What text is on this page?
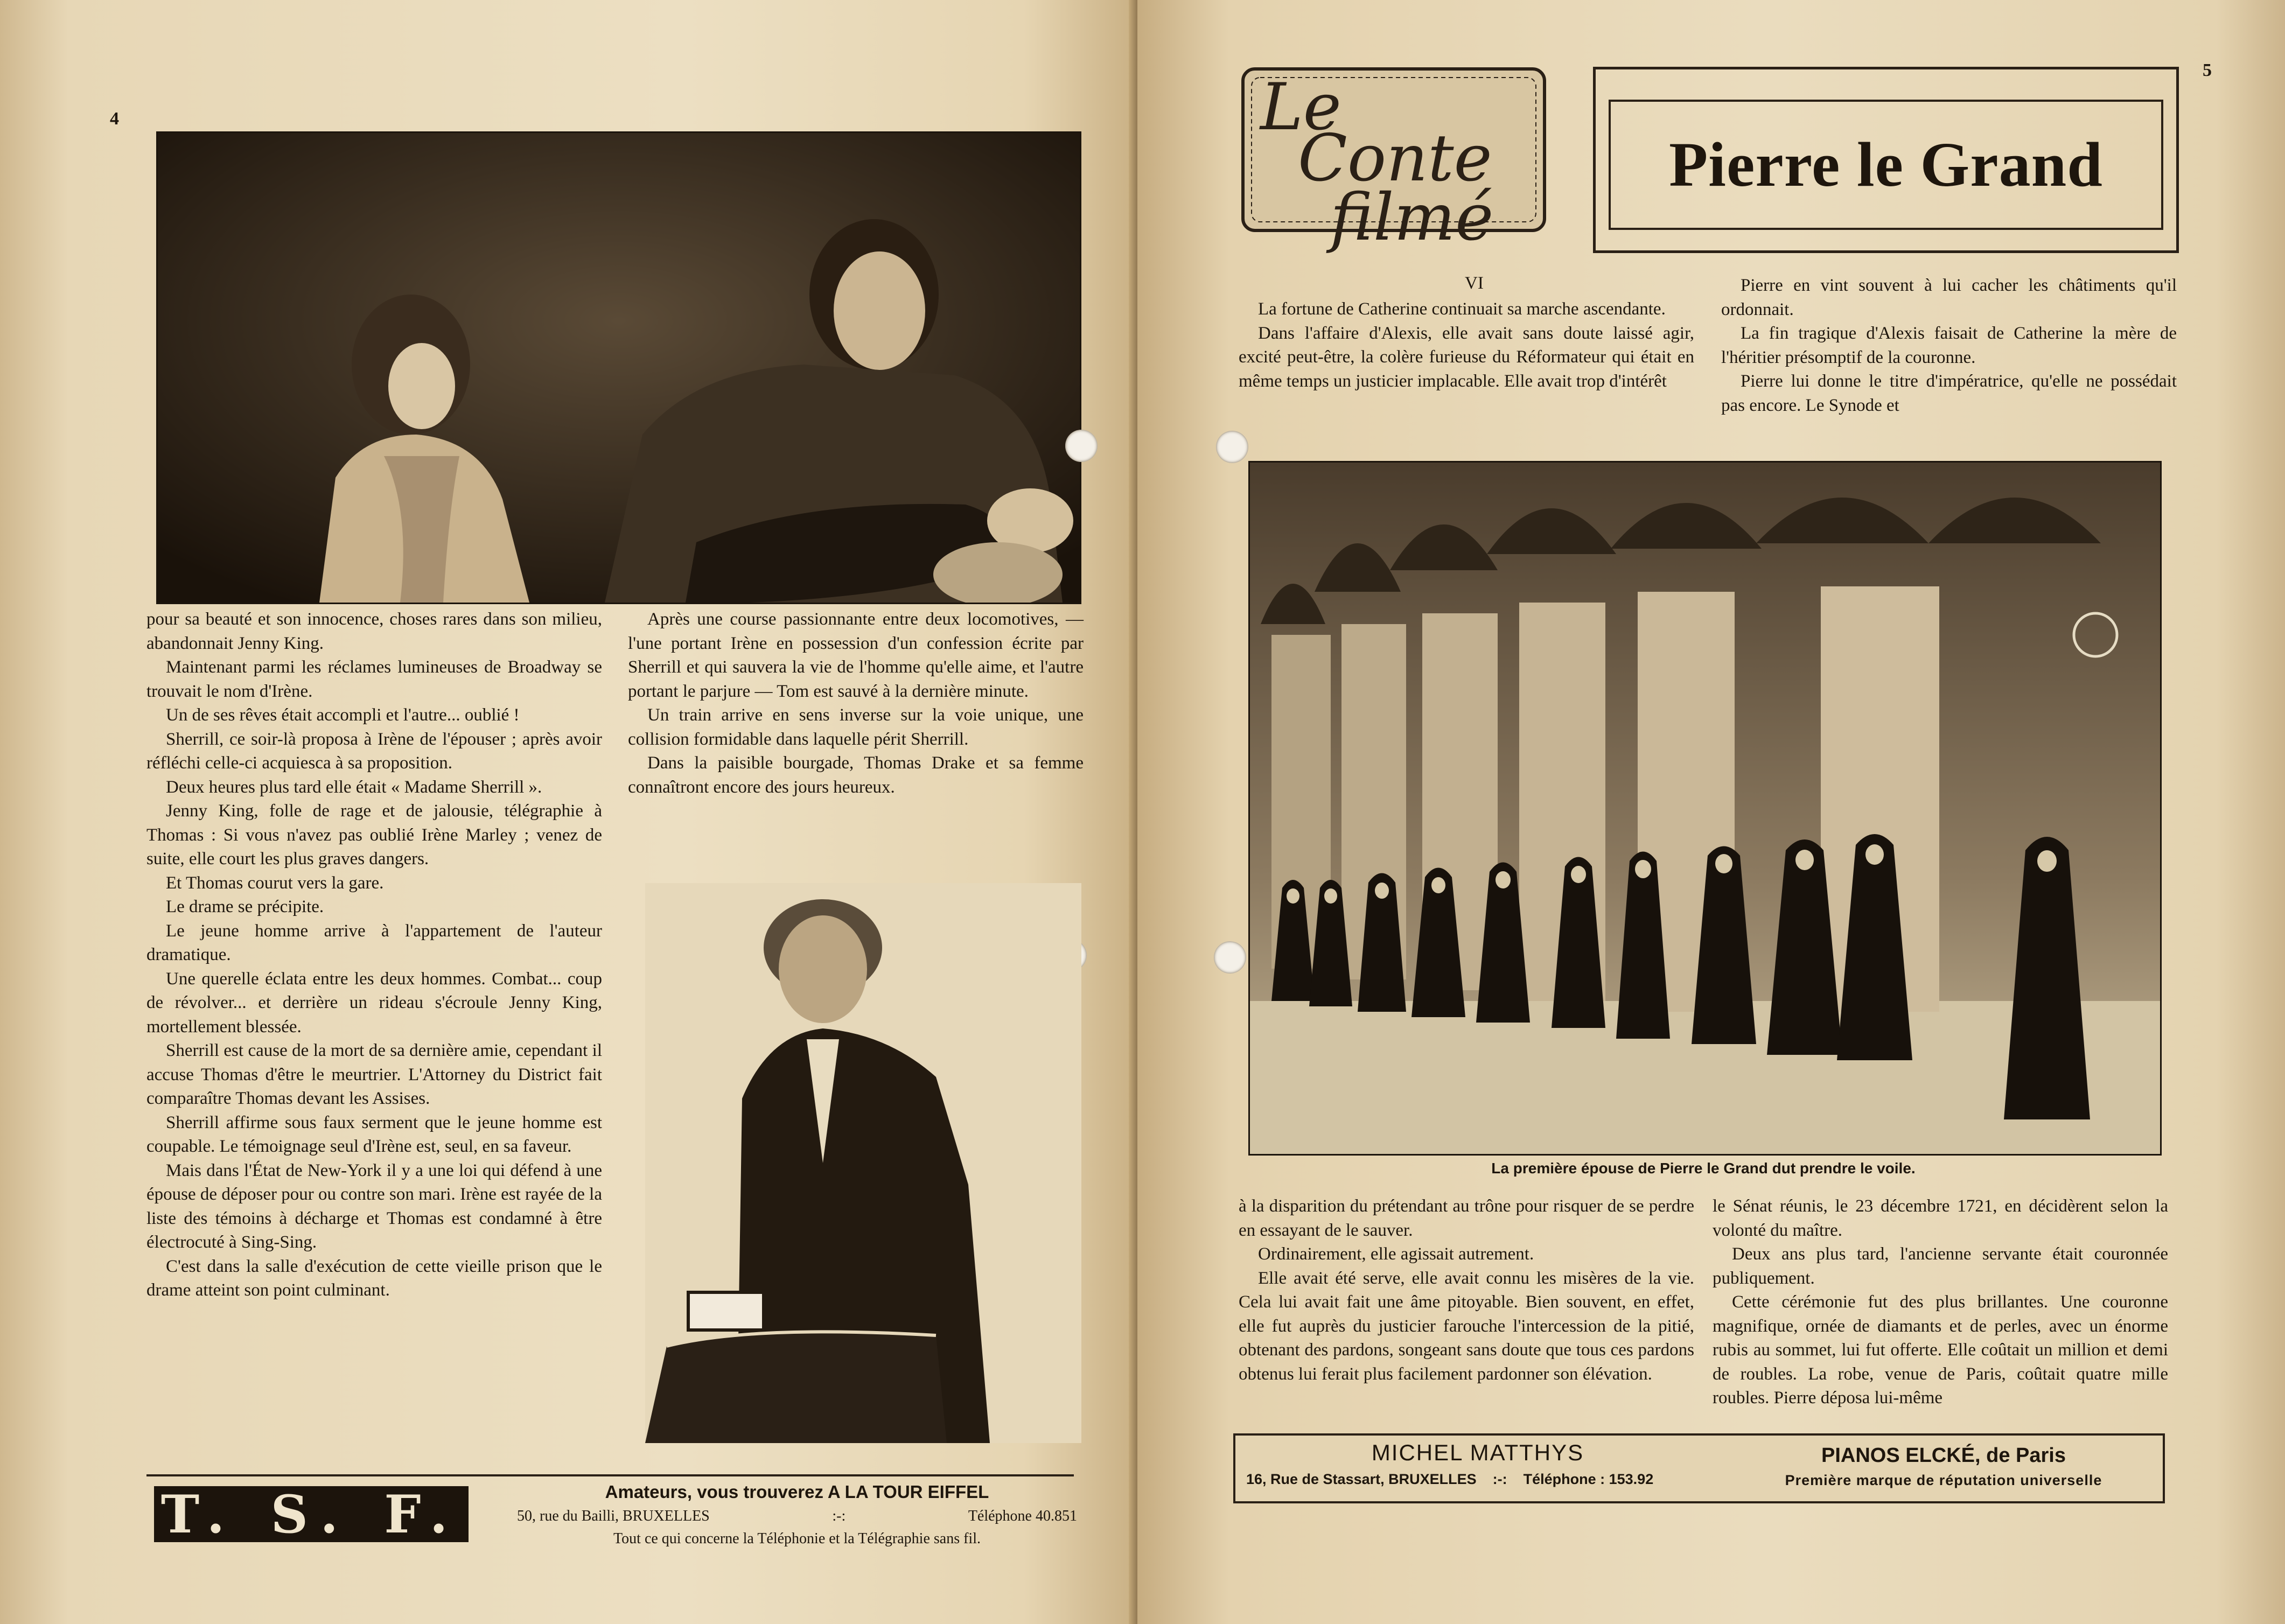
4

pour sa beauté et son innocence, choses rares dans son milieu, abandonnait Jenny King.

Maintenant parmi les réclames lumineuses de Broadway se trouvait le nom d'Irène.

Un de ses rêves était accompli et l'autre... oublié !

Sherrill, ce soir-là proposa à Irène de l'épouser ; après avoir réfléchi celle-ci acquiesca à sa proposition.

Deux heures plus tard elle était « Madame Sherrill ».

Jenny King, folle de rage et de jalousie, télégraphie à Thomas : Si vous n'avez pas oublié Irène Marley ; venez de suite, elle court les plus graves dangers.

Et Thomas courut vers la gare.

Le drame se précipite.

Le jeune homme arrive à l'appartement de l'auteur dramatique.

Une querelle éclata entre les deux hommes. Combat... coup de révolver... et derrière un rideau s'écroule Jenny King, mortellement blessée.

Sherrill est cause de la mort de sa dernière amie, cependant il accuse Thomas d'être le meurtrier. L'Attorney du District fait comparaître Thomas devant les Assises.

Sherrill affirme sous faux serment que le jeune homme est coupable. Le témoignage seul d'Irène est, seul, en sa faveur.

Mais dans l'État de New-York il y a une loi qui défend à une épouse de déposer pour ou contre son mari. Irène est rayée de la liste des témoins à décharge et Thomas est condamné à être électrocuté à Sing-Sing.

C'est dans la salle d'exécution de cette vieille prison que le drame atteint son point culminant.

Après une course passionnante entre deux locomotives, — l'une portant Irène en possession d'un confession écrite par Sherrill et qui sauvera la vie de l'homme qu'elle aime, et l'autre portant le parjure — Tom est sauvé à la dernière minute.

Un train arrive en sens inverse sur la voie unique, une collision formidable dans laquelle périt Sherrill.

Dans la paisible bourgade, Thomas Drake et sa femme connaîtront encore des jours heureux.

T. S. F.	Amateurs, vous trouverez A LA TOUR EIFFEL
50, rue du Bailli, BRUXELLES	:-:	Téléphone 40.851
Tout ce qui concerne la Téléphonie et la Télégraphie sans fil.
5
Le
Conte
filmé
Pierre le Grand
VI

La fortune de Catherine continuait sa marche ascendante.

Dans l'affaire d'Alexis, elle avait sans doute laissé agir, excité peut-être, la colère furieuse du Réformateur qui était en même temps un justicier implacable. Elle avait trop d'intérêt

Pierre en vint souvent à lui cacher les châtiments qu'il ordonnait.

La fin tragique d'Alexis faisait de Catherine la mère de l'héritier présomptif de la couronne.

Pierre lui donne le titre d'impératrice, qu'elle ne possédait pas encore. Le Synode et

La première épouse de Pierre le Grand dut prendre le voile.

à la disparition du prétendant au trône pour risquer de se perdre en essayant de le sauver.

Ordinairement, elle agissait autrement.

Elle avait été serve, elle avait connu les misères de la vie. Cela lui avait fait une âme pitoyable. Bien souvent, en effet, elle fut auprès du justicier farouche l'intercession de la pitié, obtenant des pardons, songeant sans doute que tous ces pardons obtenus lui ferait plus facilement pardonner son élévation.

le Sénat réunis, le 23 décembre 1721, en décidèrent selon la volonté du maître.

Deux ans plus tard, l'ancienne servante était couronnée publiquement.

Cette cérémonie fut des plus brillantes. Une couronne magnifique, ornée de diamants et de perles, avec un énorme rubis au sommet, lui fut offerte. Elle coûtait un million et demi de roubles. La robe, venue de Paris, coûtait quatre mille roubles. Pierre déposa lui-même

MICHEL MATTHYS
16, Rue de Stassart, BRUXELLES :-: Téléphone : 153.92
PIANOS ELCKÉ, de Paris
Première marque de réputation universelle
